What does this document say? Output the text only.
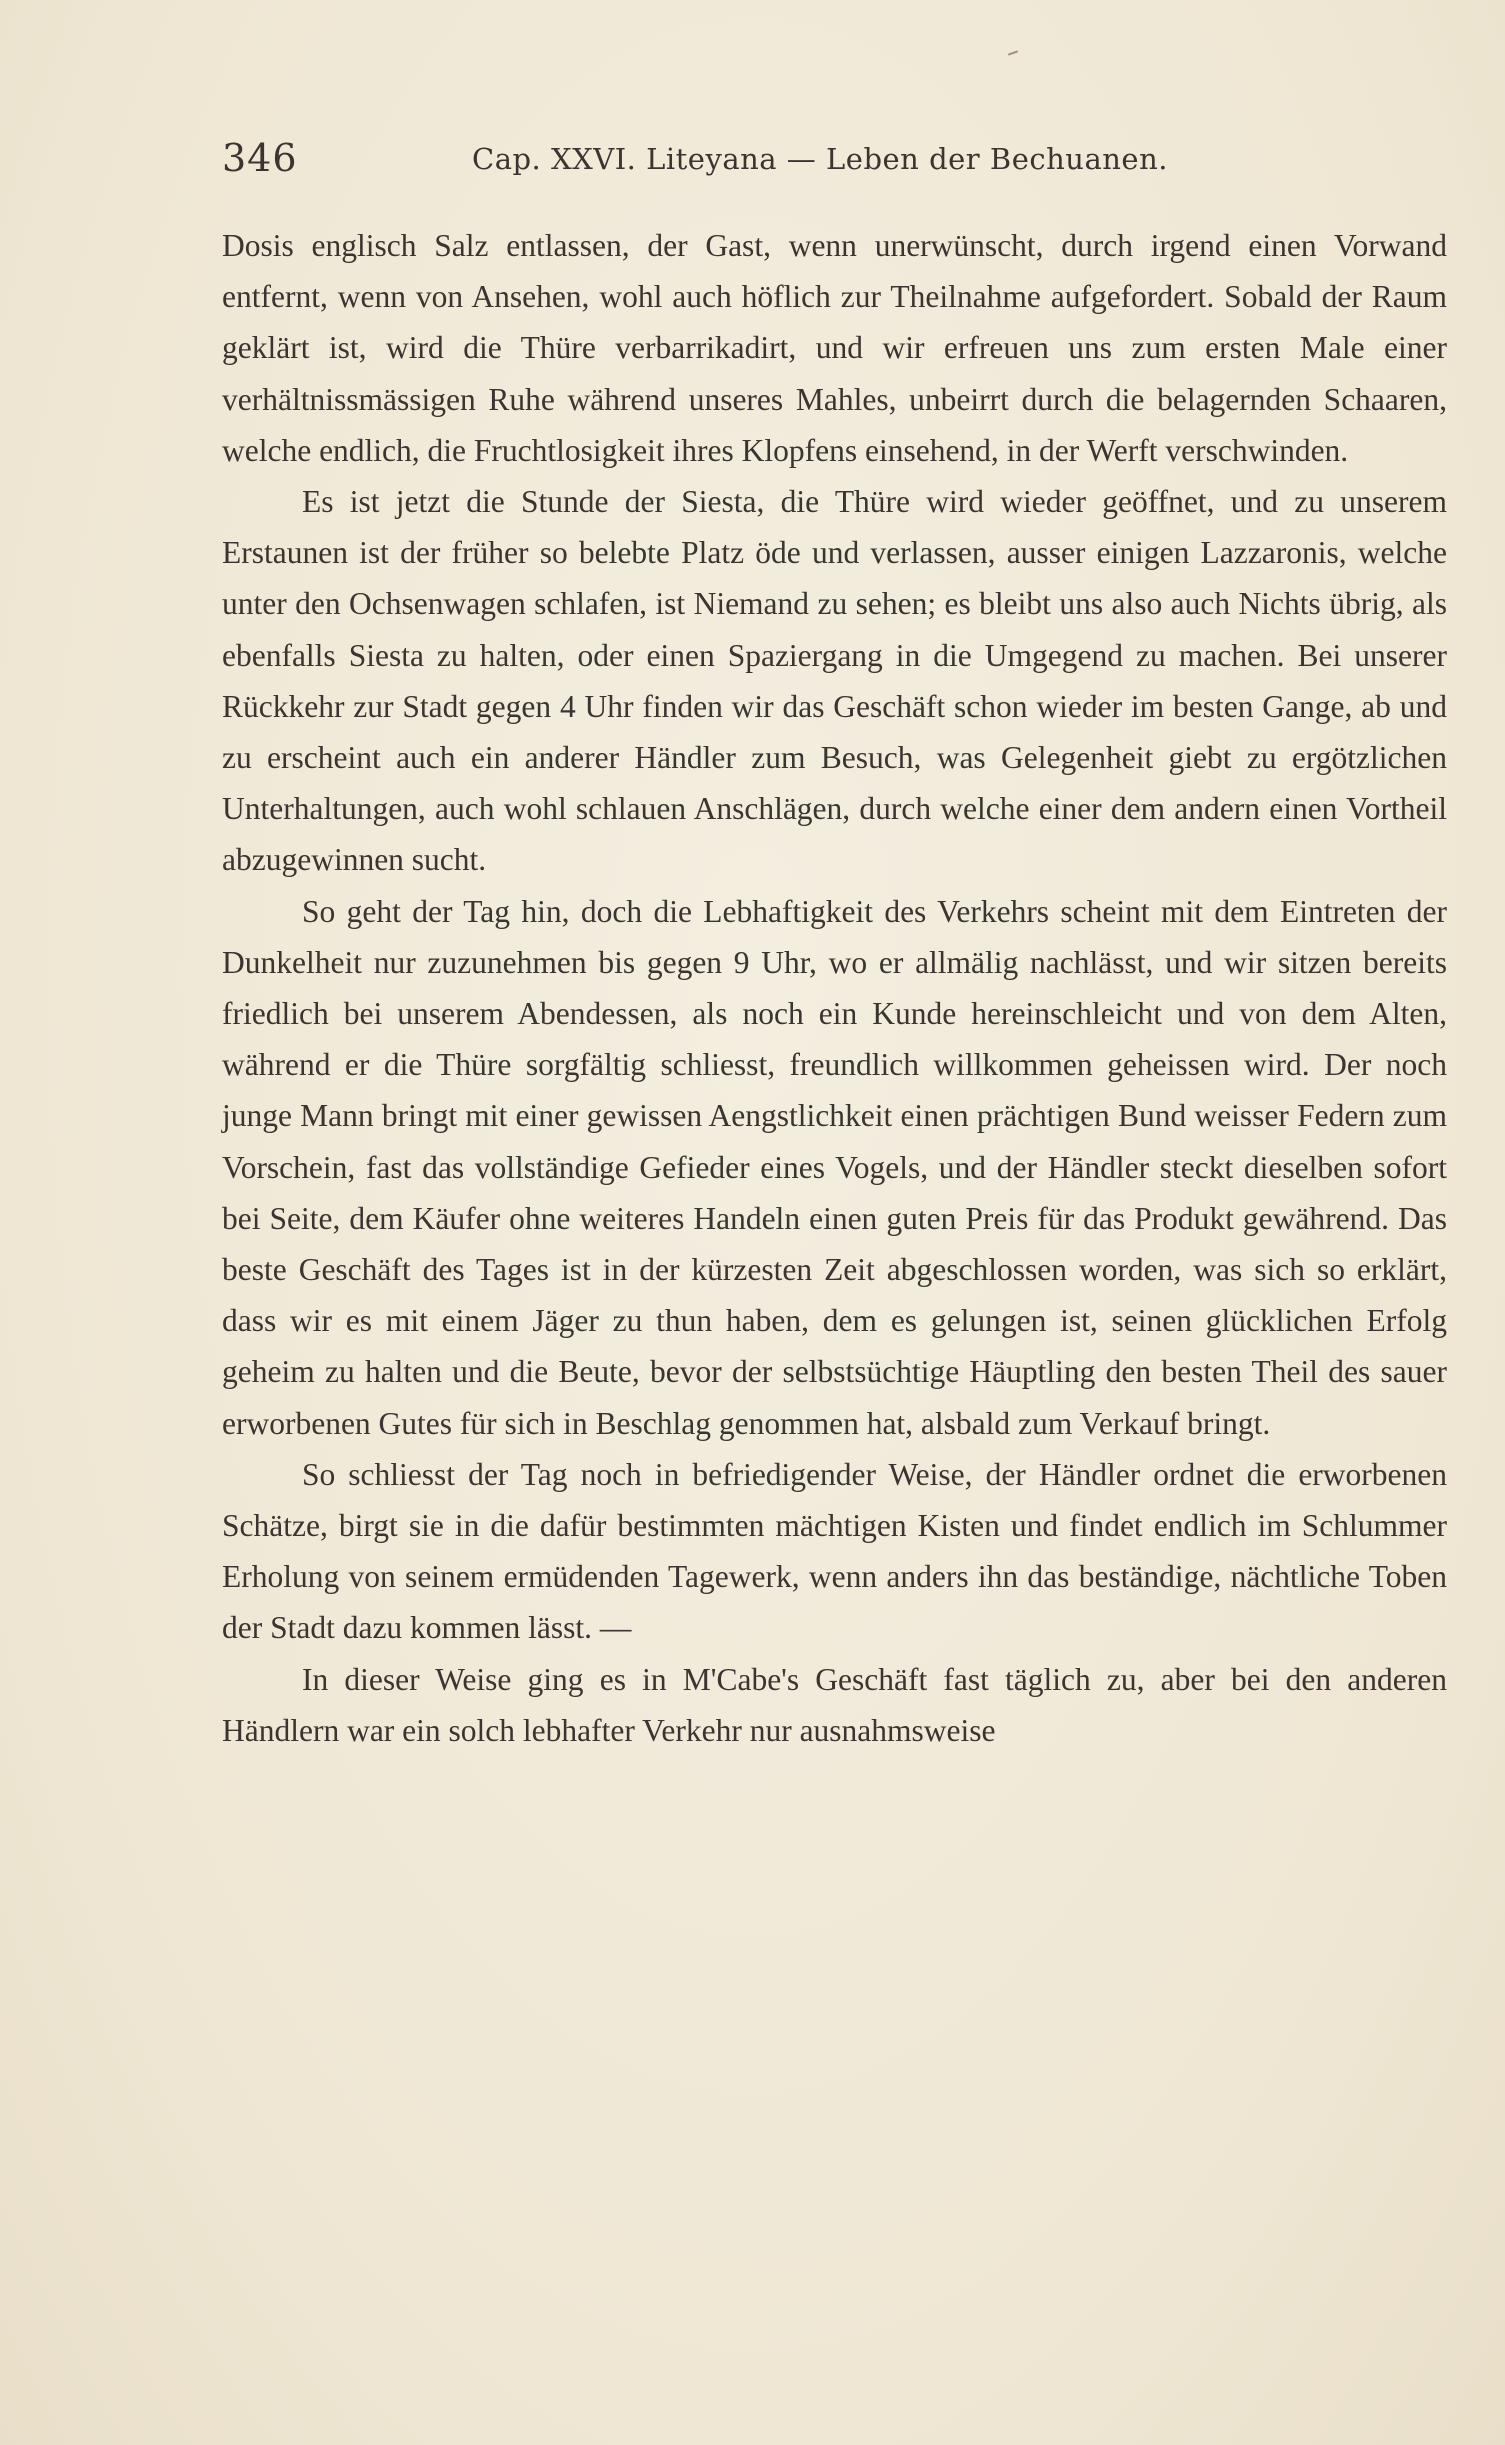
346	Cap. XXVI. Liteyana — Leben der Bechuanen.

Dosis englisch Salz entlassen, der Gast, wenn unerwünscht, durch irgend einen Vorwand entfernt, wenn von Ansehen, wohl auch höflich zur Theilnahme aufgefordert. Sobald der Raum geklärt ist, wird die Thüre verbarrikadirt, und wir erfreuen uns zum ersten Male einer verhältnissmässigen Ruhe während unseres Mahles, unbeirrt durch die belagernden Schaaren, welche endlich, die Fruchtlosigkeit ihres Klopfens einsehend, in der Werft verschwinden.

Es ist jetzt die Stunde der Siesta, die Thüre wird wieder geöffnet, und zu unserem Erstaunen ist der früher so belebte Platz öde und verlassen, ausser einigen Lazzaronis, welche unter den Ochsenwagen schlafen, ist Niemand zu sehen; es bleibt uns also auch Nichts übrig, als ebenfalls Siesta zu halten, oder einen Spaziergang in die Umgegend zu machen. Bei unserer Rückkehr zur Stadt gegen 4 Uhr finden wir das Geschäft schon wieder im besten Gange, ab und zu erscheint auch ein anderer Händler zum Besuch, was Gelegenheit giebt zu ergötzlichen Unterhaltungen, auch wohl schlauen Anschlägen, durch welche einer dem andern einen Vortheil abzugewinnen sucht.

So geht der Tag hin, doch die Lebhaftigkeit des Verkehrs scheint mit dem Eintreten der Dunkelheit nur zuzunehmen bis gegen 9 Uhr, wo er allmälig nachlässt, und wir sitzen bereits friedlich bei unserem Abendessen, als noch ein Kunde hereinschleicht und von dem Alten, während er die Thüre sorgfältig schliesst, freundlich willkommen geheissen wird. Der noch junge Mann bringt mit einer gewissen Aengstlichkeit einen prächtigen Bund weisser Federn zum Vorschein, fast das vollständige Gefieder eines Vogels, und der Händler steckt dieselben sofort bei Seite, dem Käufer ohne weiteres Handeln einen guten Preis für das Produkt gewährend. Das beste Geschäft des Tages ist in der kürzesten Zeit abgeschlossen worden, was sich so erklärt, dass wir es mit einem Jäger zu thun haben, dem es gelungen ist, seinen glücklichen Erfolg geheim zu halten und die Beute, bevor der selbstsüchtige Häuptling den besten Theil des sauer erworbenen Gutes für sich in Beschlag genommen hat, alsbald zum Verkauf bringt.

So schliesst der Tag noch in befriedigender Weise, der Händler ordnet die erworbenen Schätze, birgt sie in die dafür bestimmten mächtigen Kisten und findet endlich im Schlummer Erholung von seinem ermüdenden Tagewerk, wenn anders ihn das beständige, nächtliche Toben der Stadt dazu kommen lässt. —

In dieser Weise ging es in M'Cabe's Geschäft fast täglich zu, aber bei den anderen Händlern war ein solch lebhafter Verkehr nur ausnahmsweise
